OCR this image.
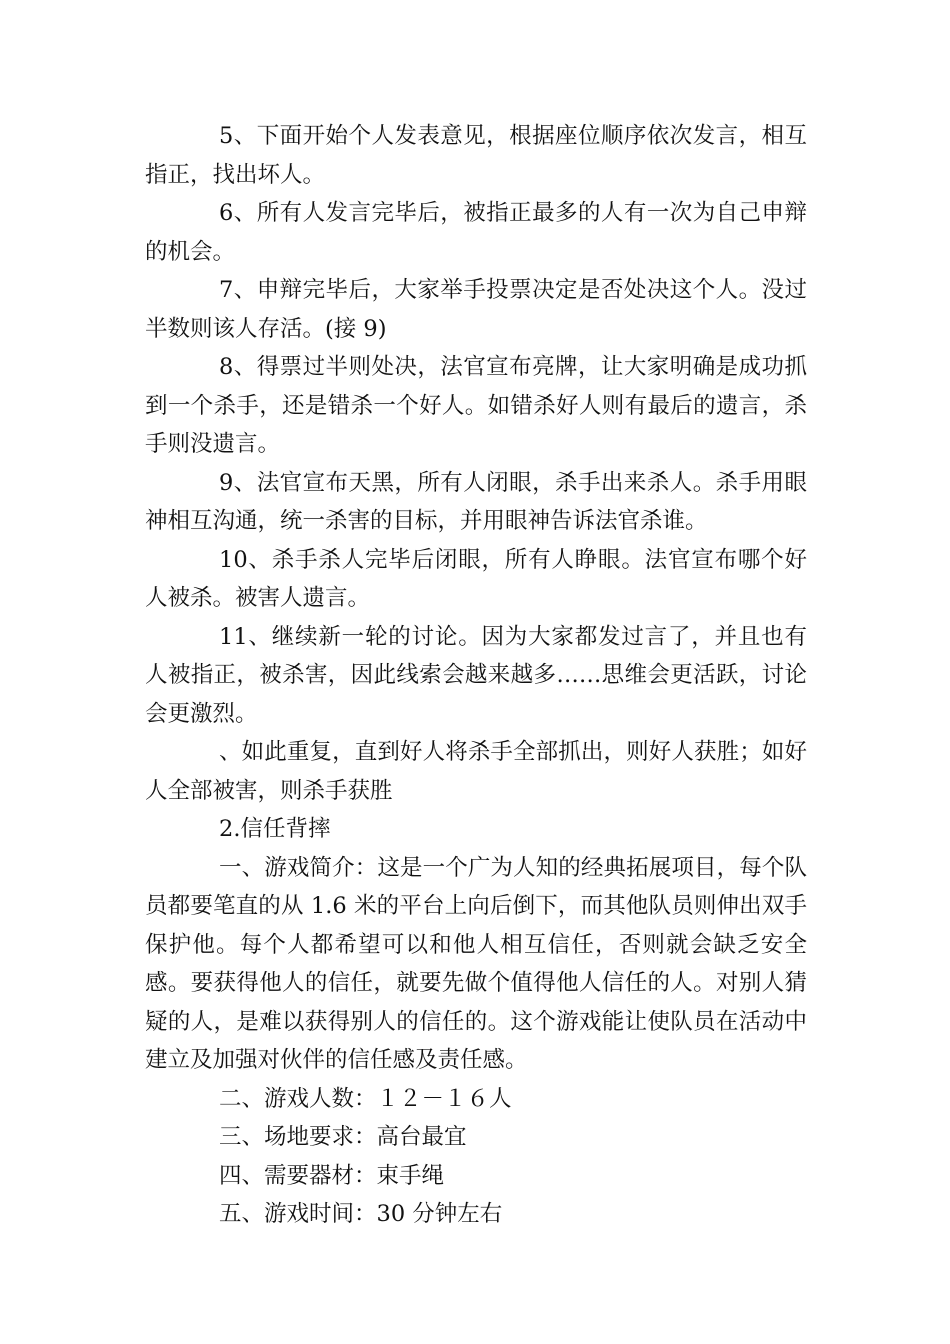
5、下面开始个人发表意见，根据座位顺序依次发言，相互指正，找出坏人。

6、所有人发言完毕后，被指正最多的人有一次为自己申辩的机会。

7、申辩完毕后，大家举手投票决定是否处决这个人。没过半数则该人存活。(接 9)

8、得票过半则处决，法官宣布亮牌，让大家明确是成功抓到一个杀手，还是错杀一个好人。如错杀好人则有最后的遗言，杀手则没遗言。

9、法官宣布天黑，所有人闭眼，杀手出来杀人。杀手用眼神相互沟通，统一杀害的目标，并用眼神告诉法官杀谁。

10、杀手杀人完毕后闭眼，所有人睁眼。法官宣布哪个好人被杀。被害人遗言。

11、继续新一轮的讨论。因为大家都发过言了，并且也有人被指正，被杀害，因此线索会越来越多……思维会更活跃，讨论会更激烈。

、如此重复，直到好人将杀手全部抓出，则好人获胜；如好人全部被害，则杀手获胜

2.信任背摔

一、游戏简介：这是一个广为人知的经典拓展项目，每个队员都要笔直的从 1.6 米的平台上向后倒下，而其他队员则伸出双手保护他。每个人都希望可以和他人相互信任，否则就会缺乏安全感。要获得他人的信任，就要先做个值得他人信任的人。对别人猜疑的人，是难以获得别人的信任的。这个游戏能让使队员在活动中建立及加强对伙伴的信任感及责任感。

二、游戏人数：１２－１６人

三、场地要求：高台最宜

四、需要器材：束手绳

五、游戏时间：30 分钟左右
